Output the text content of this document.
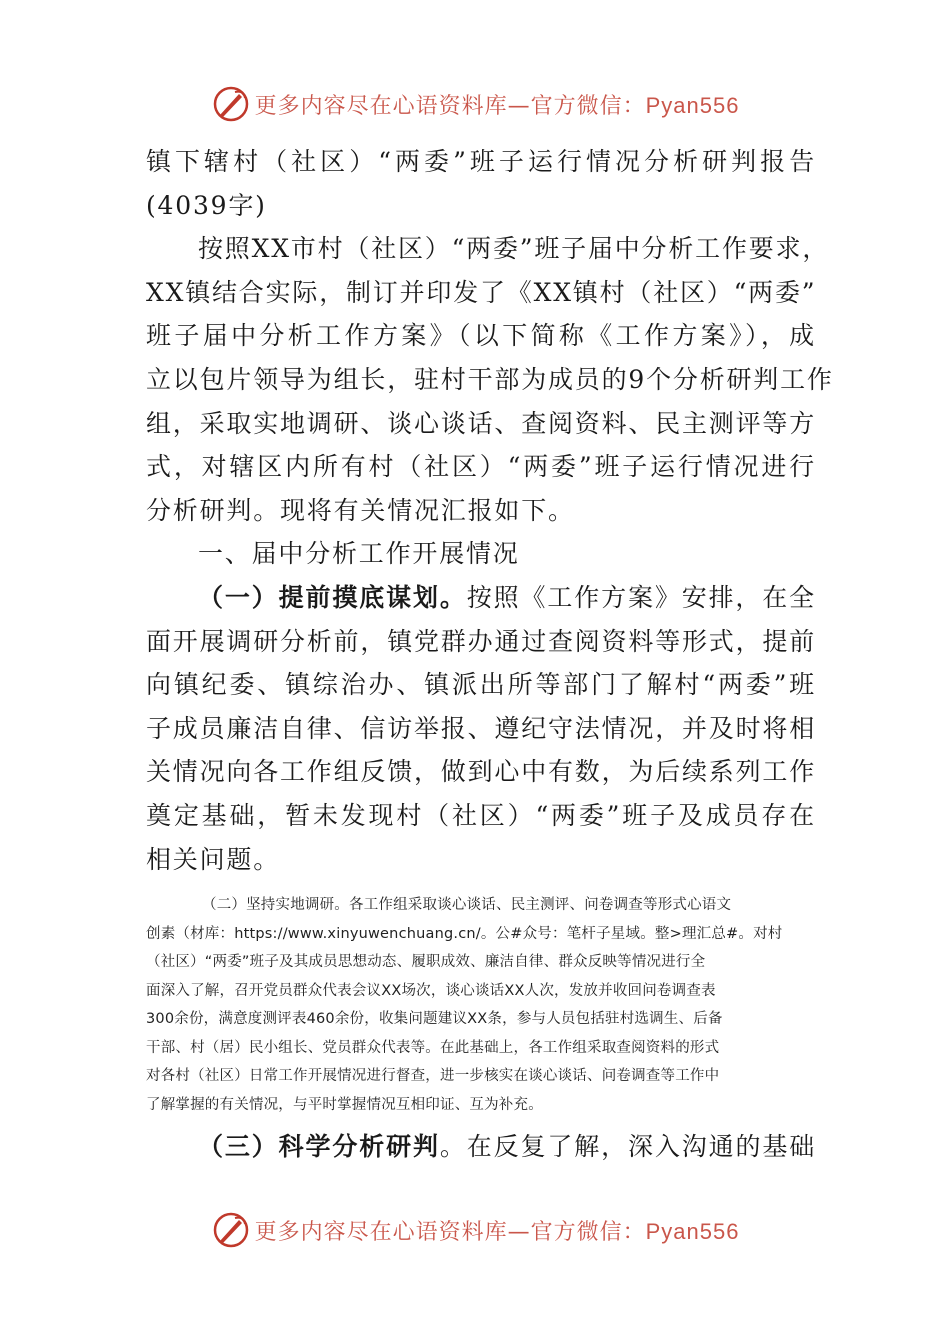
更多内容尽在心语资料库—官方微信：Pyan556
镇下辖村（社区）“两委”班子运行情况分析研判报告
(4039字)
按照XX市村（社区）“两委”班子届中分析工作要求，
XX镇结合实际，制订并印发了《XX镇村（社区）“两委”
班子届中分析工作方案》（以下简称《工作方案》），成
立以包片领导为组长，驻村干部为成员的9个分析研判工作
组，采取实地调研、谈心谈话、查阅资料、民主测评等方
式，对辖区内所有村（社区）“两委”班子运行情况进行
分析研判。现将有关情况汇报如下。
一、届中分析工作开展情况
（一）提前摸底谋划。按照《工作方案》安排，在全
面开展调研分析前，镇党群办通过查阅资料等形式，提前
向镇纪委、镇综治办、镇派出所等部门了解村“两委”班
子成员廉洁自律、信访举报、遵纪守法情况，并及时将相
关情况向各工作组反馈，做到心中有数，为后续系列工作
奠定基础，暂未发现村（社区）“两委”班子及成员存在
相关问题。
（二）坚持实地调研。各工作组采取谈心谈话、民主测评、问卷调查等形式心语文
创素（材库：https://www.xinyuwenchuang.cn/。公#众号：笔杆子星域。整>理汇总#。对村
（社区）“两委”班子及其成员思想动态、履职成效、廉洁自律、群众反映等情况进行全
面深入了解，召开党员群众代表会议XX场次，谈心谈话XX人次，发放并收回问卷调查表
300余份，满意度测评表460余份，收集问题建议XX条，参与人员包括驻村选调生、后备
干部、村（居）民小组长、党员群众代表等。在此基础上，各工作组采取查阅资料的形式
对各村（社区）日常工作开展情况进行督查，进一步核实在谈心谈话、问卷调查等工作中
了解掌握的有关情况，与平时掌握情况互相印证、互为补充。
（三）科学分析研判。在反复了解，深入沟通的基础
更多内容尽在心语资料库—官方微信：Pyan556
